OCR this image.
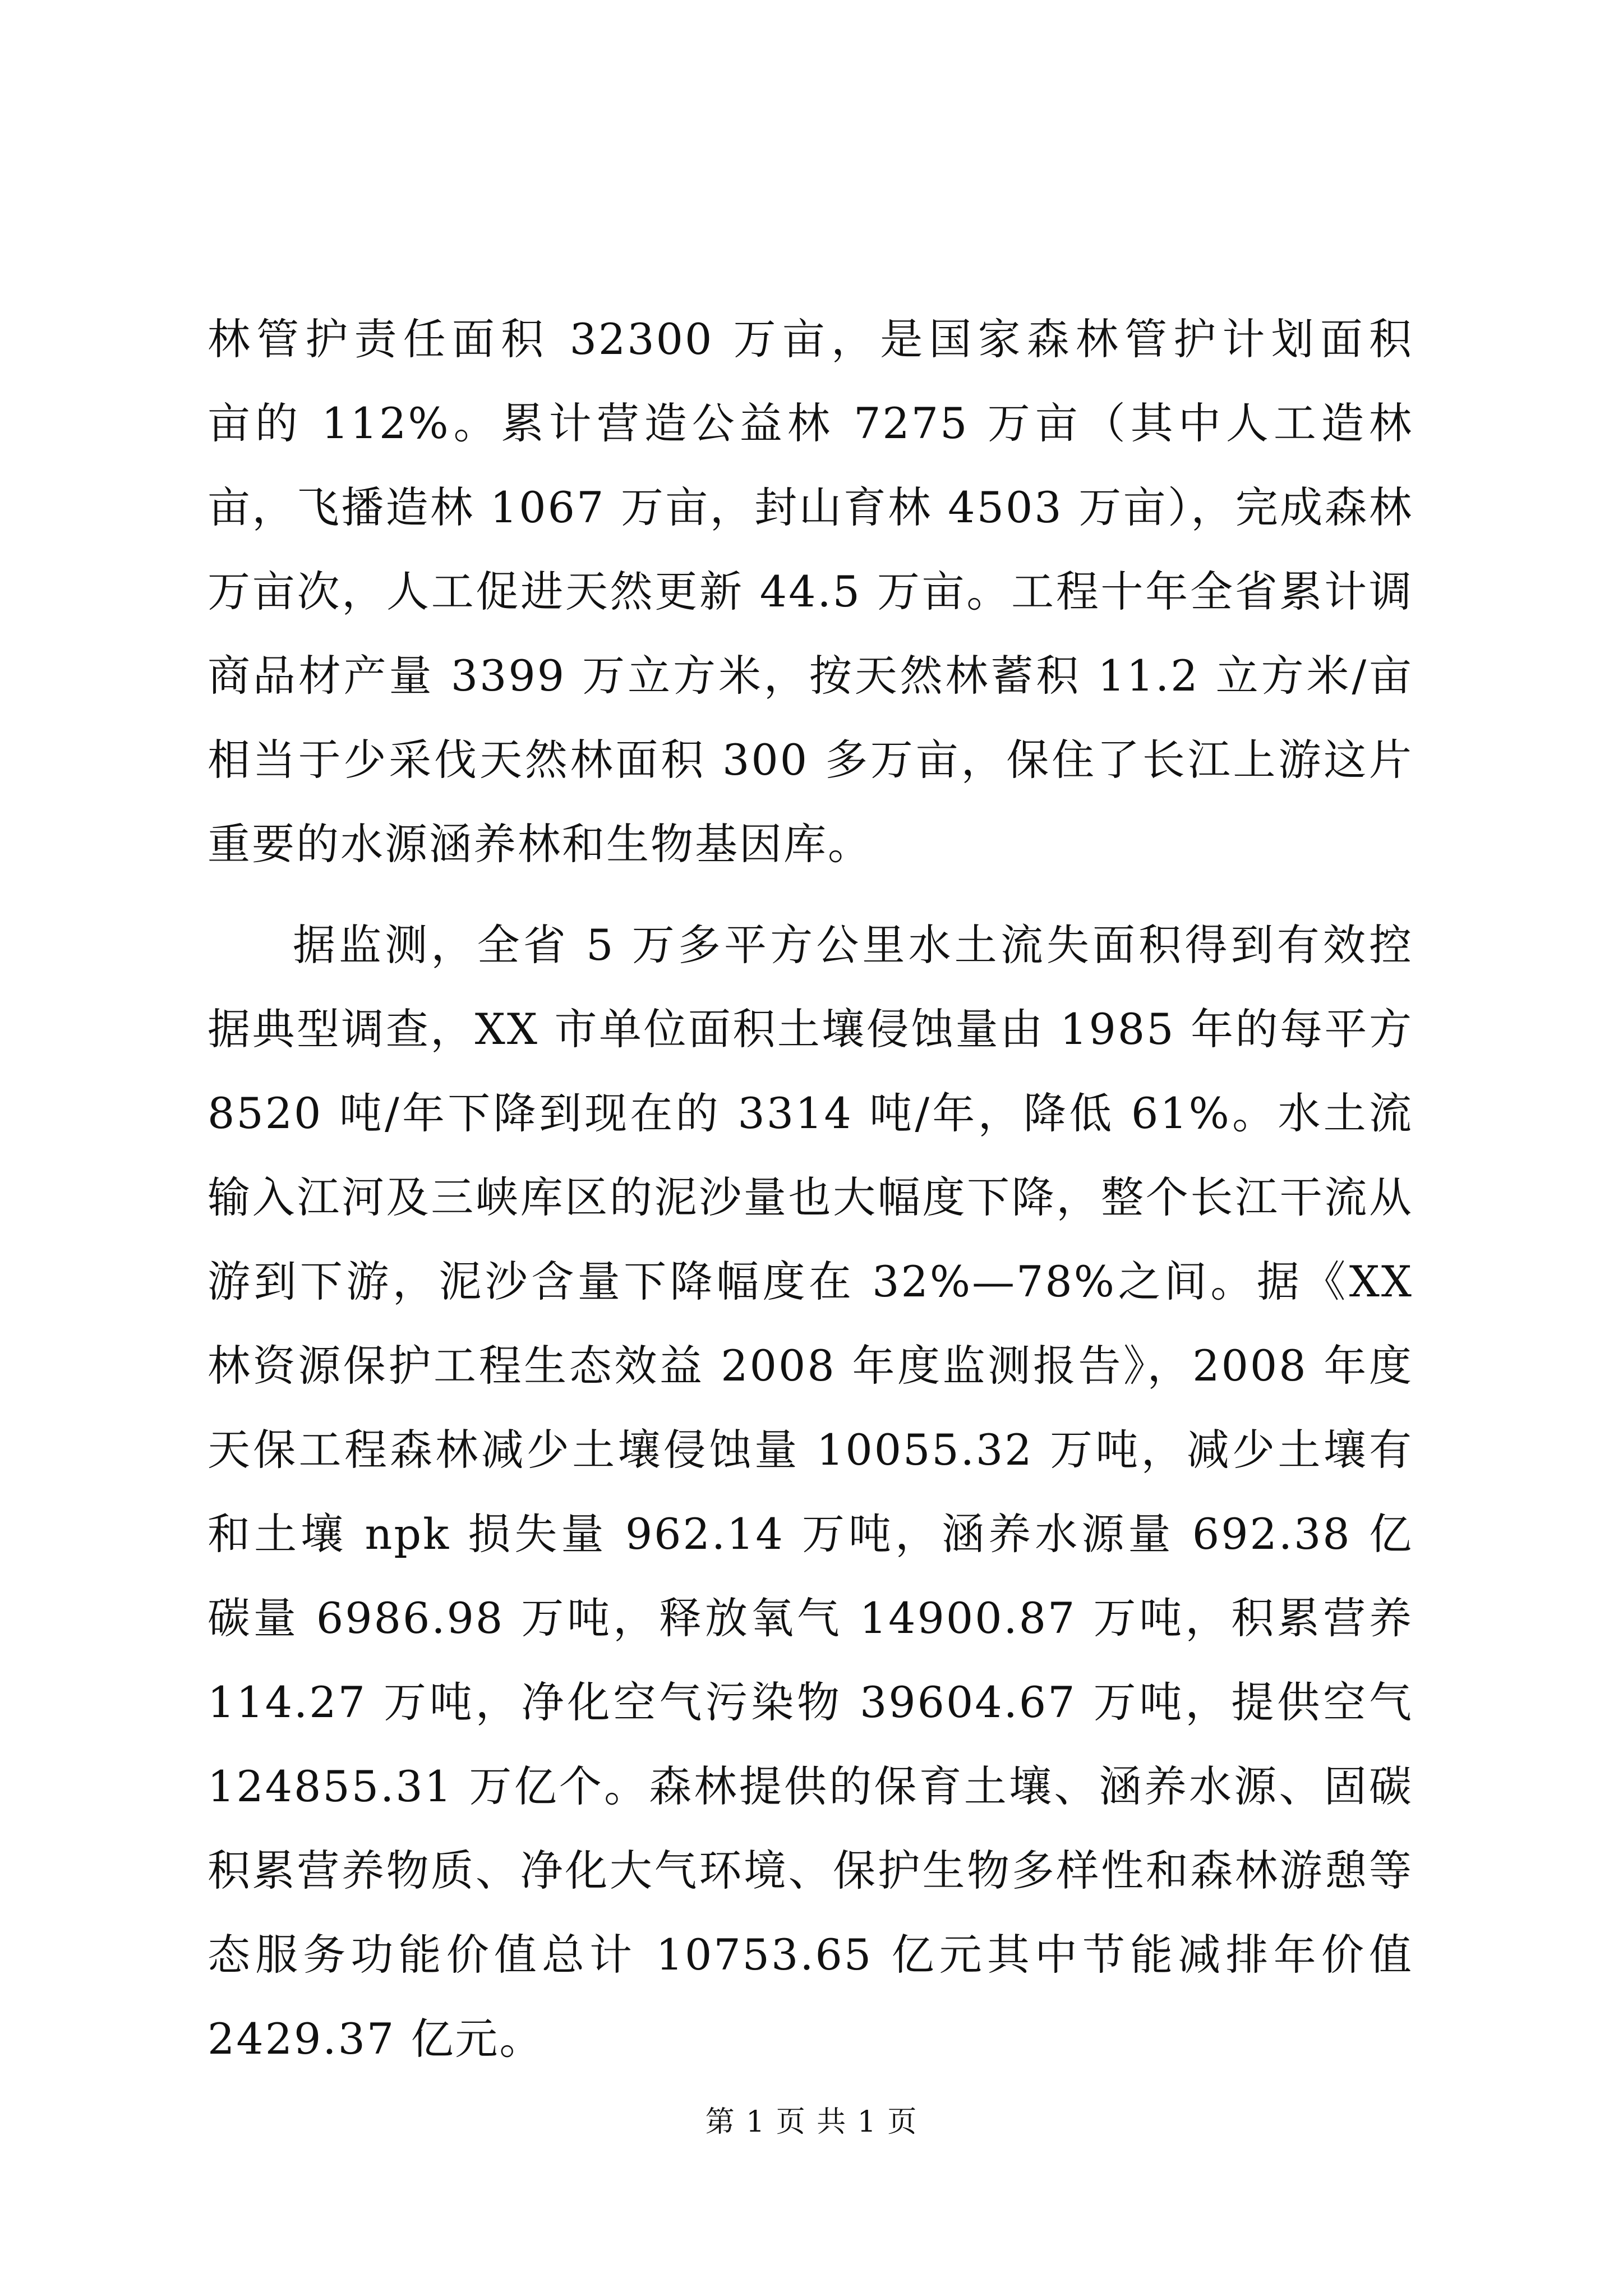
林管护责任面积 32300 万亩，是国家森林管护计划面积
亩的 112%。累计营造公益林 7275 万亩（其中人工造林
亩，飞播造林 1067 万亩，封山育林 4503 万亩），完成森林
万亩次，人工促进天然更新 44.5 万亩。工程十年全省累计调
商品材产量 3399 万立方米，按天然林蓄积 11.2 立方米/亩
相当于少采伐天然林面积 300 多万亩，保住了长江上游这片
重要的水源涵养林和生物基因库。
据监测，全省 5 万多平方公里水土流失面积得到有效控
据典型调查，XX 市单位面积土壤侵蚀量由 1985 年的每平方
8520 吨/年下降到现在的 3314 吨/年，降低 61%。水土流
输入江河及三峡库区的泥沙量也大幅度下降，整个长江干流从
游到下游，泥沙含量下降幅度在 32%—78%之间。据《XX
林资源保护工程生态效益 2008 年度监测报告》，2008 年度
天保工程森林减少土壤侵蚀量 10055.32 万吨，减少土壤有
和土壤 npk 损失量 962.14 万吨，涵养水源量 692.38 亿
碳量 6986.98 万吨，释放氧气 14900.87 万吨，积累营养
114.27 万吨，净化空气污染物 39604.67 万吨，提供空气
124855.31 万亿个。森林提供的保育土壤、涵养水源、固碳
积累营养物质、净化大气环境、保护生物多样性和森林游憩等
态服务功能价值总计 10753.65 亿元其中节能减排年价值
2429.37 亿元。
第 1 页 共 1 页
